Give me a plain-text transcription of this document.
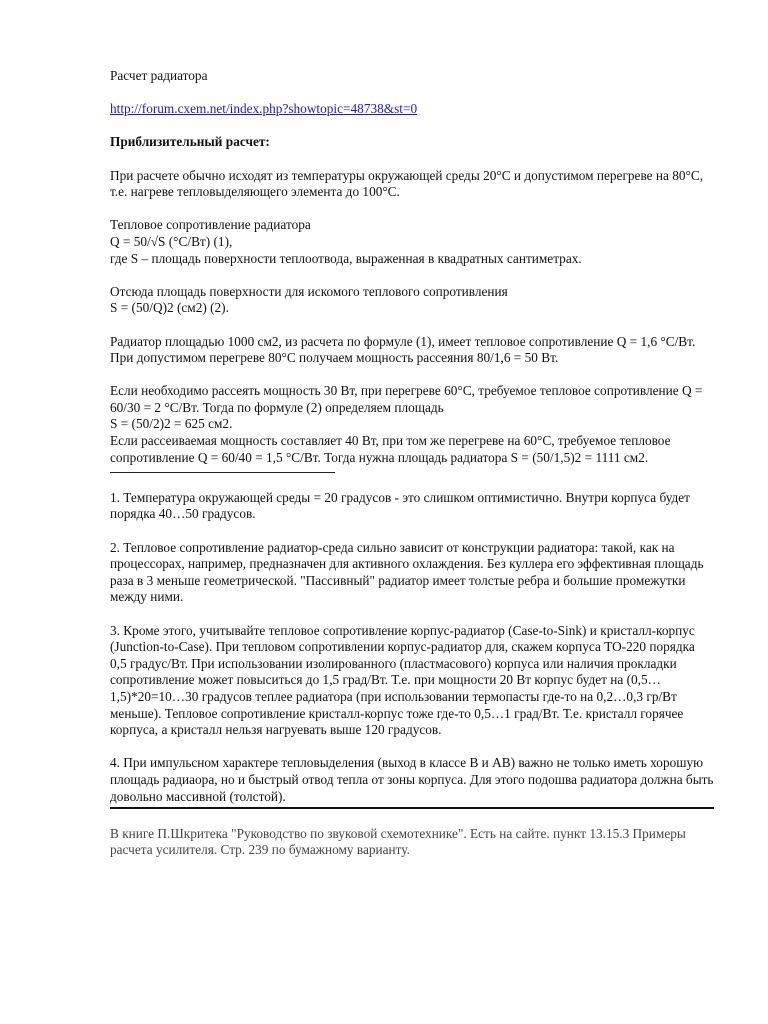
Расчет радиатора

http://forum.cxem.net/index.php?showtopic=48738&st=0

Приблизительный расчет:

При расчете обычно исходят из температуры окружающей среды 20°С и допустимом перегреве на 80°С, т.е. нагреве тепловыделяющего элемента до 100°С.

Тепловое сопротивление радиатора

Q = 50/√S (°С/Вт) (1),

где S – площадь поверхности теплоотвода, выраженная в квадратных сантиметрах.

Отсюда площадь поверхности для искомого теплового сопротивления

S = (50/Q)2 (см2) (2).

Радиатор площадью 1000 см2, из расчета по формуле (1), имеет тепловое сопротивление Q = 1,6 °С/Вт. При допустимом перегреве 80°С получаем мощность рассеяния 80/1,6 = 50 Вт.

Если необходимо рассеять мощность 30 Вт, при перегреве 60°С, требуемое тепловое сопротивление Q = 60/30 = 2 °С/Вт. Тогда по формуле (2) определяем площадь

S = (50/2)2 = 625 см2.

Если рассеиваемая мощность составляет 40 Вт, при том же перегреве на 60°С, требуемое тепловое сопротивление Q = 60/40 = 1,5 °С/Вт. Тогда нужна площадь радиатора S = (50/1,5)2 = 1111 см2.

1. Температура окружающей среды = 20 градусов - это слишком оптимистично. Внутри корпуса будет порядка 40…50 градусов.

2. Тепловое сопротивление радиатор-среда сильно зависит от конструкции радиатора: такой, как на процессорах, например, предназначен для активного охлаждения. Без куллера его эффективная площадь раза в 3 меньше геометрической. "Пассивный" радиатор имеет толстые ребра и большие промежутки между ними.

3. Кроме этого, учитывайте тепловое сопротивление корпус-радиатор (Case-to-Sink) и кристалл-корпус (Junction-to-Case). При тепловом сопротивлении корпус-радиатор для, скажем корпуса TO-220 порядка 0,5 градус/Вт. При использовании изолированного (пластмасового) корпуса или наличия прокладки сопротивление может повыситься до 1,5 град/Вт. Т.е. при мощности 20 Вт корпус будет на (0,5…1,5)*20=10…30 градусов теплее радиатора (при использовании термопасты где-то на 0,2…0,3 гр/Вт меньше). Тепловое сопротивление кристалл-корпус тоже где-то 0,5…1 град/Вт. Т.е. кристалл горячее корпуса, а кристалл нельзя нагруевать выше 120 градусов.

4. При импульсном характере тепловыделения (выход в классе В и АВ) важно не только иметь хорошую площадь радиаора, но и быстрый отвод тепла от зоны корпуса. Для этого подошва радиатора должна быть довольно массивной (толстой).

В книге П.Шкритека "Руководство по звуковой схемотехнике". Есть на сайте. пункт 13.15.3 Примеры расчета усилителя. Стр. 239 по бумажному варианту.
